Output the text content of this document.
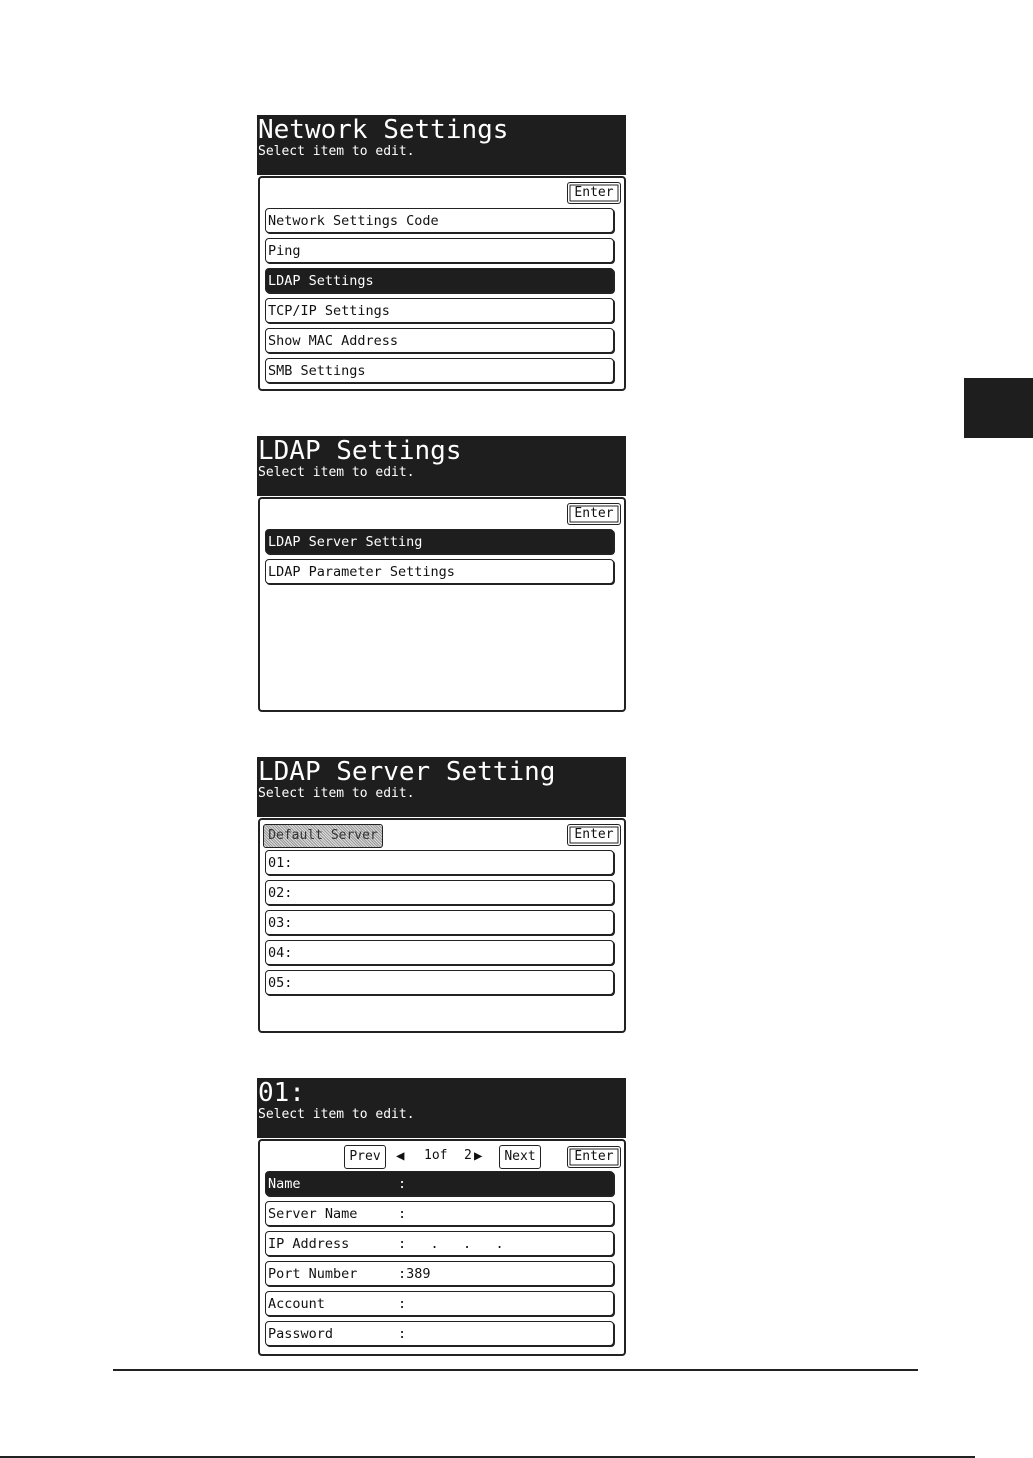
Network Settings
Select item to edit.
Enter
Network Settings Code
Ping
LDAP Settings
TCP/IP Settings
Show MAC Address
SMB Settings
LDAP Settings
Select item to edit.
Enter
LDAP Server Setting
LDAP Parameter Settings
LDAP Server Setting
Select item to edit.
Default Server	Enter
01:
02:
03:
04:
05:
01:
Select item to edit.
Prev	◀ 1of 2 ▶	Next	Enter
Name	:
Server Name	:
IP Address	:   .   .   .
Port Number	:389
Account	:
Password	:
